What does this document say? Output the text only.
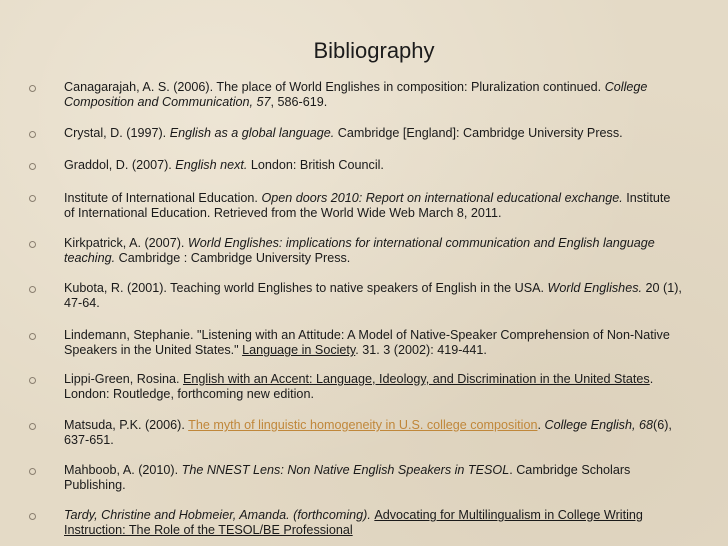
Bibliography
Canagarajah, A. S. (2006). The place of World Englishes in composition: Pluralization continued. College Composition and Communication, 57, 586-619.
Crystal, D. (1997). English as a global language. Cambridge [England]: Cambridge University Press.
Graddol, D. (2007). English next. London: British Council.
Institute of International Education. Open doors 2010: Report on international educational exchange. Institute of International Education. Retrieved from the World Wide Web March 8, 2011.
Kirkpatrick, A. (2007). World Englishes: implications for international communication and English language teaching. Cambridge : Cambridge University Press.
Kubota, R. (2001). Teaching world Englishes to native speakers of English in the USA. World Englishes. 20 (1), 47-64.
Lindemann, Stephanie. "Listening with an Attitude: A Model of Native-Speaker Comprehension of Non-Native Speakers in the United States." Language in Society. 31. 3 (2002): 419-441.
Lippi-Green, Rosina. English with an Accent: Language, Ideology, and Discrimination in the United States. London: Routledge, forthcoming new edition.
Matsuda, P.K. (2006). The myth of linguistic homogeneity in U.S. college composition. College English, 68(6), 637-651.
Mahboob, A. (2010). The NNEST Lens: Non Native English Speakers in TESOL. Cambridge Scholars Publishing.
Tardy, Christine and Hobmeier, Amanda. (forthcoming). Advocating for Multilingualism in College Writing Instruction: The Role of the TESOL/BE Professional
